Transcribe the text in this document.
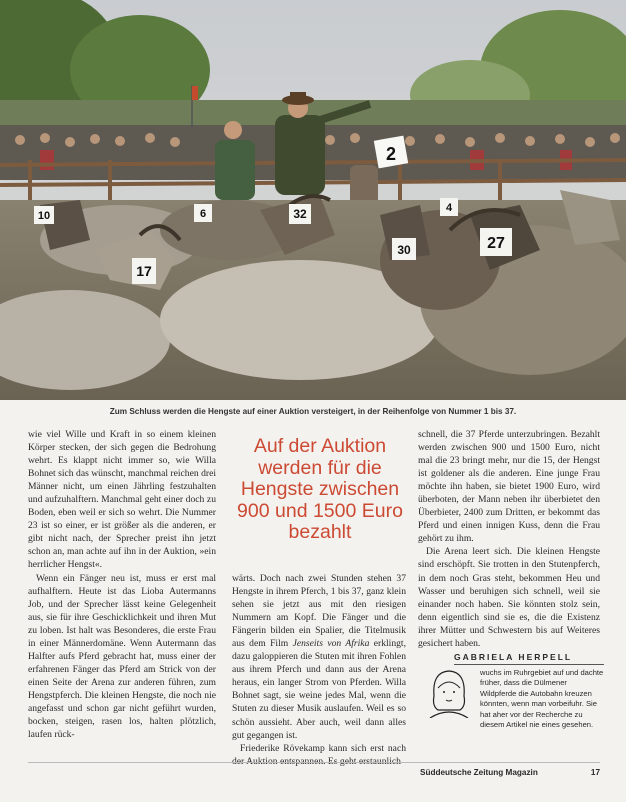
10	6	4
32
27
30
17
2
Zum Schluss werden die Hengste auf einer Auktion versteigert, in der Reihenfolge von Nummer 1 bis 37.

wie viel Wille und Kraft in so einem kleinen Körper stecken, der sich gegen die Bedrohung wehrt. Es klappt nicht immer so, wie Willa Bohnet sich das wünscht, manchmal reichen drei Männer nicht, um einen Jährling festzuhalten und aufzuhalftern. Manchmal geht einer doch zu Boden, eben weil er sich so wehrt. Die Nummer 23 ist so einer, er ist größer als die anderen, er gibt nicht nach, der Sprecher preist ihn jetzt schon an, man achte auf ihn in der Auktion, »ein herrlicher Hengst«.

Wenn ein Fänger neu ist, muss er erst mal aufhalftern. Heute ist das Lioba Autermanns Job, und der Sprecher lässt keine Gelegenheit aus, sie für ihre Geschicklichkeit und ihren Mut zu loben. Ist halt was Besonderes, die erste Frau in einer Männerdomäne. Wenn Autermann das Halfter aufs Pferd gebracht hat, muss einer der erfahrenen Fänger das Pferd am Strick von der einen Seite der Arena zur anderen führen, zum Hengstpferch. Die kleinen Hengste, die noch nie angefasst und schon gar nicht geführt wurden, bocken, steigen, rasen los, halten plötzlich, laufen rück-

Auf der Auktion werden für die Hengste zwischen 900 und 1500 Euro bezahlt

wärts. Doch nach zwei Stunden stehen 37 Hengste in ihrem Pferch, 1 bis 37, ganz klein sehen sie jetzt aus mit den riesigen Nummern am Kopf. Die Fänger und die Fängerin bilden ein Spalier, die Titelmusik aus dem Film Jenseits von Afrika erklingt, dazu galoppieren die Stuten mit ihren Fohlen aus ihrem Pferch und dann aus der Arena heraus, ein langer Strom von Pferden. Willa Bohnet sagt, sie weine jedes Mal, wenn die Stuten zu dieser Musik auslaufen. Weil es so schön aussieht. Aber auch, weil dann alles gut gegangen ist.

Friederike Rövekamp kann sich erst nach der Auktion entspannen. Es geht erstaunlich

schnell, die 37 Pferde unterzubringen. Bezahlt werden zwischen 900 und 1500 Euro, nicht mal die 23 bringt mehr, nur die 15, der Hengst ist goldener als die anderen. Eine junge Frau möchte ihn haben, sie bietet 1900 Euro, wird überboten, der Mann neben ihr überbietet den Überbieter, 2400 zum Dritten, er bekommt das Pferd und einen innigen Kuss, denn die Frau gehört zu ihm.

Die Arena leert sich. Die kleinen Hengste sind erschöpft. Sie trotten in den Stutenpferch, in dem noch Gras steht, bekommen Heu und Wasser und beruhigen sich schnell, weil sie einander noch haben. Sie könnten stolz sein, denn eigentlich sind sie es, die die Existenz ihrer Mütter und Schwestern bis auf Weiteres gesichert haben.

GABRIELA HERPELL
wuchs im Ruhrgebiet auf und dachte früher, dass die Dülmener Wildpferde die Autobahn kreuzen könnten, wenn man vorbeifuhr. Sie hat aher vor der Recherche zu diesem Artikel nie eines gesehen.
Süddeutsche Zeitung Magazin	17
